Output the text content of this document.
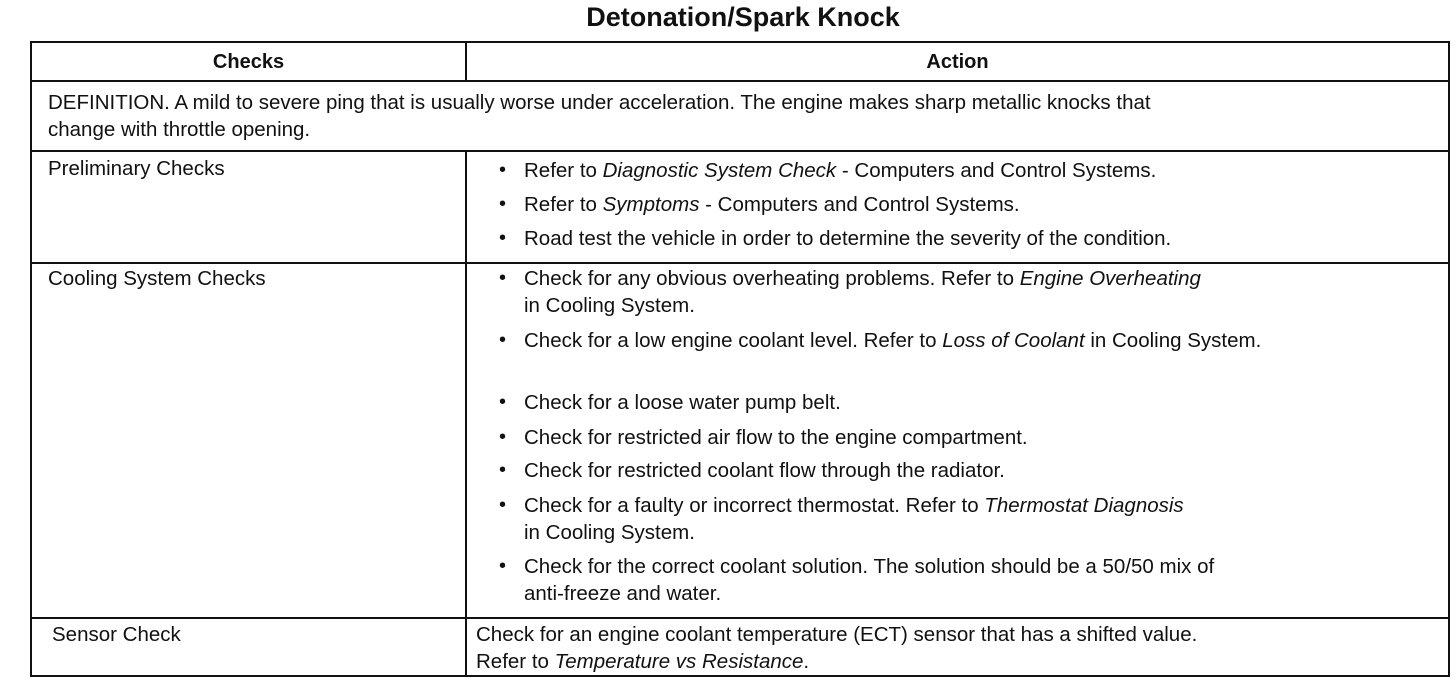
Detonation/Spark Knock
Checks	Action
DEFINITION. A mild to severe ping that is usually worse under acceleration. The engine makes sharp metallic knocks that
change with throttle opening.
Preliminary Checks	• Refer to Diagnostic System Check - Computers and Control Systems.
• Refer to Symptoms - Computers and Control Systems.
• Road test the vehicle in order to determine the severity of the condition.
Cooling System Checks	• Check for any obvious overheating problems. Refer to Engine Overheating
in Cooling System.
• Check for a low engine coolant level. Refer to Loss of Coolant in Cooling System.
• Check for a loose water pump belt.
• Check for restricted air flow to the engine compartment.
• Check for restricted coolant flow through the radiator.
• Check for a faulty or incorrect thermostat. Refer to Thermostat Diagnosis
in Cooling System.
• Check for the correct coolant solution. The solution should be a 50/50 mix of
anti-freeze and water.
Sensor Check	Check for an engine coolant temperature (ECT) sensor that has a shifted value.
Refer to Temperature vs Resistance.
